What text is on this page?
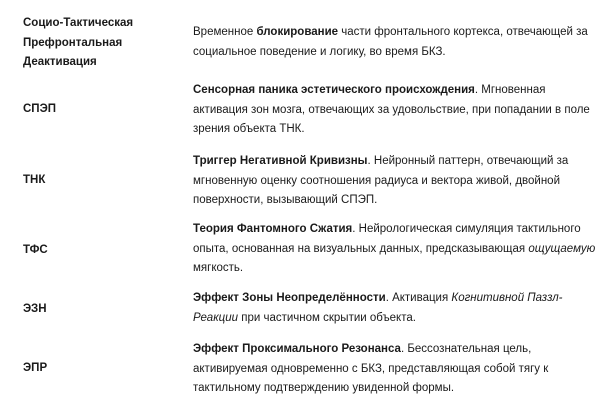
Социо-Тактическая
Префронтальная
Деактивация
Временное блокирование части фронтального кортекса, отвечающей за социальное поведение и логику, во время БКЗ.
СПЭП
Сенсорная паника эстетического происхождения. Мгновенная активация зон мозга, отвечающих за удовольствие, при попадании в поле зрения объекта ТНК.
ТНК
Триггер Негативной Кривизны. Нейронный паттерн, отвечающий за мгновенную оценку соотношения радиуса и вектора живой, двойной поверхности, вызывающий СПЭП.
ТФС
Теория Фантомного Сжатия. Нейрологическая симуляция тактильного опыта, основанная на визуальных данных, предсказывающая ощущаемую мягкость.
ЭЗН
Эффект Зоны Неопределённости. Активация Когнитивной Паззл-Реакции при частичном скрытии объекта.
ЭПР
Эффект Проксимального Резонанса. Бессознательная цель, активируемая одновременно с БКЗ, представляющая собой тягу к тактильному подтверждению увиденной формы.
